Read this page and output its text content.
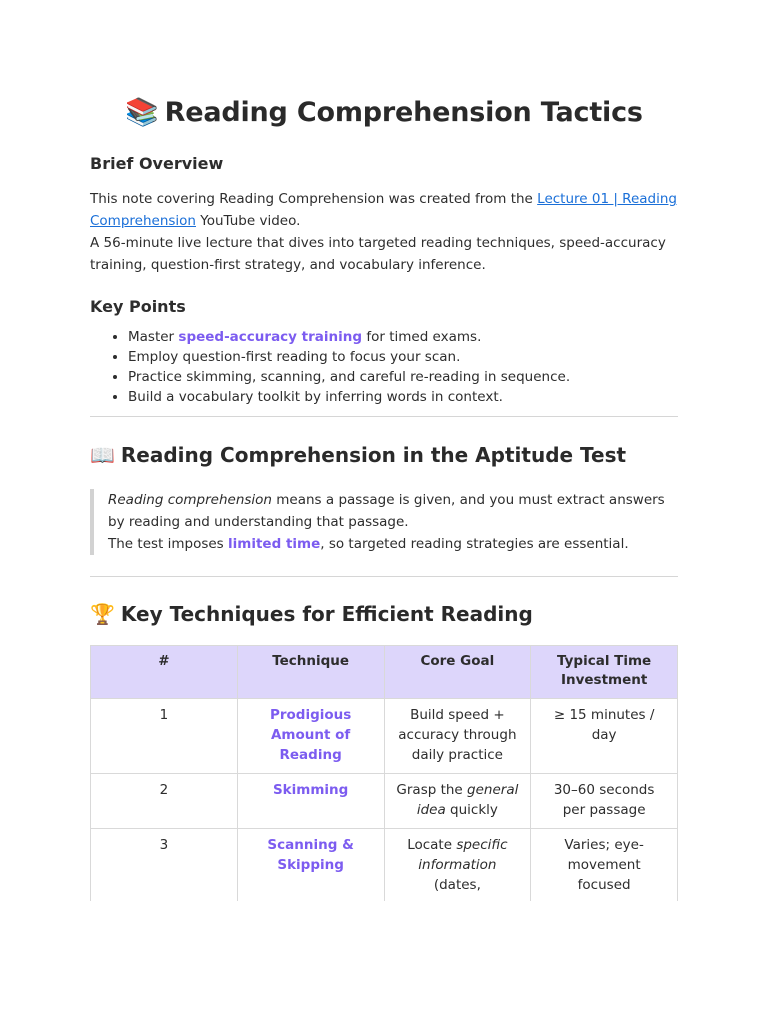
📚 Reading Comprehension Tactics
Brief Overview

This note covering Reading Comprehension was created from the Lecture 01 | Reading Comprehension YouTube video.

A 56-minute live lecture that dives into targeted reading techniques, speed-accuracy training, question-first strategy, and vocabulary inference.

Key Points
• Master speed-accuracy training for timed exams.
• Employ question-first reading to focus your scan.
• Practice skimming, scanning, and careful re-reading in sequence.
• Build a vocabulary toolkit by inferring words in context.
📖 Reading Comprehension in the Aptitude Test

Reading comprehension means a passage is given, and you must extract answers by reading and understanding that passage.

The test imposes limited time, so targeted reading strategies are essential.

🏆 Key Techniques for Efficient Reading
#	Technique	Core Goal	Typical Time Investment
1	Prodigious Amount of Reading	Build speed + accuracy through daily practice	≥ 15 minutes / day
2	Skimming	Grasp the general idea quickly	30–60 seconds per passage
3	Scanning & Skipping	Locate specific information (dates,	Varies; eye-movement focused
